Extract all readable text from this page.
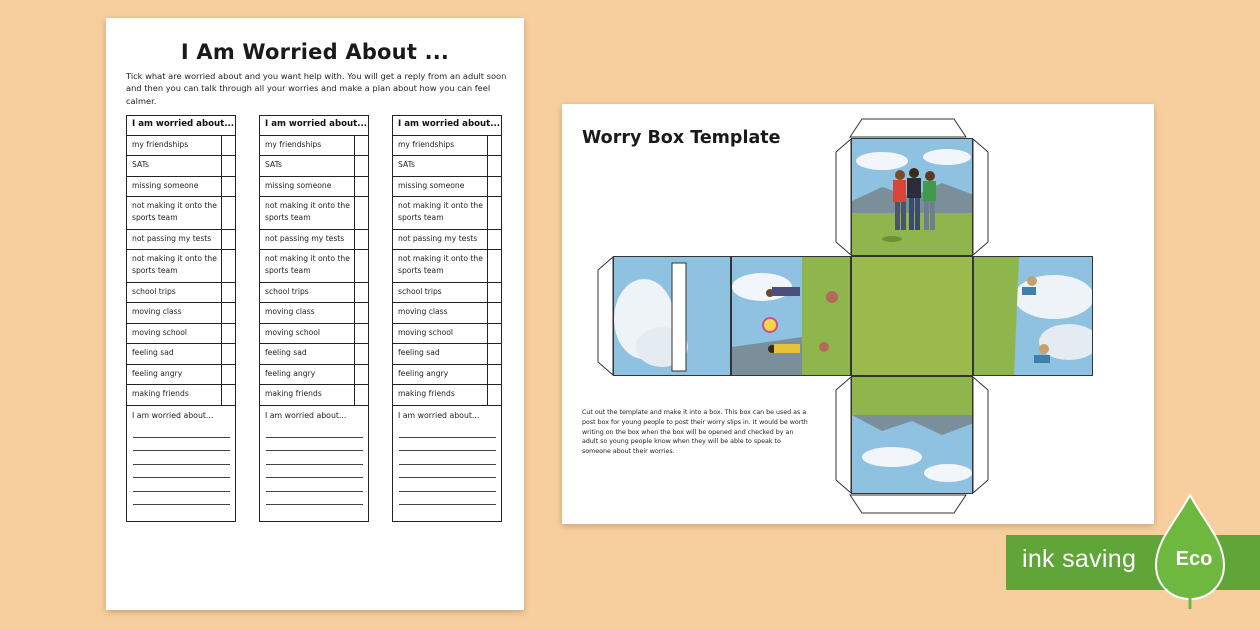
I Am Worried About ...
Tick what are worried about and you want help with. You will get a reply from an adult soon and then you can talk through all your worries and make a plan about how you can feel calmer.
I am worried about...
my friendships
SATs
missing someone
not making it onto the sports team
not passing my tests
not making it onto the sports team
school trips
moving class
moving school
feeling sad
feeling angry
making friends
I am worried about...
I am worried about...
my friendships
SATs
missing someone
not making it onto the sports team
not passing my tests
not making it onto the sports team
school trips
moving class
moving school
feeling sad
feeling angry
making friends
I am worried about...
I am worried about...
my friendships
SATs
missing someone
not making it onto the sports team
not passing my tests
not making it onto the sports team
school trips
moving class
moving school
feeling sad
feeling angry
making friends
I am worried about...
Worry Box Template
Cut out the template and make it into a box. This box can be used as a post box for young people to post their worry slips in. It would be worth writing on the box when the box will be opened and checked by an adult so young people know when they will be able to speak to someone about their worries.
ink saving	Eco
